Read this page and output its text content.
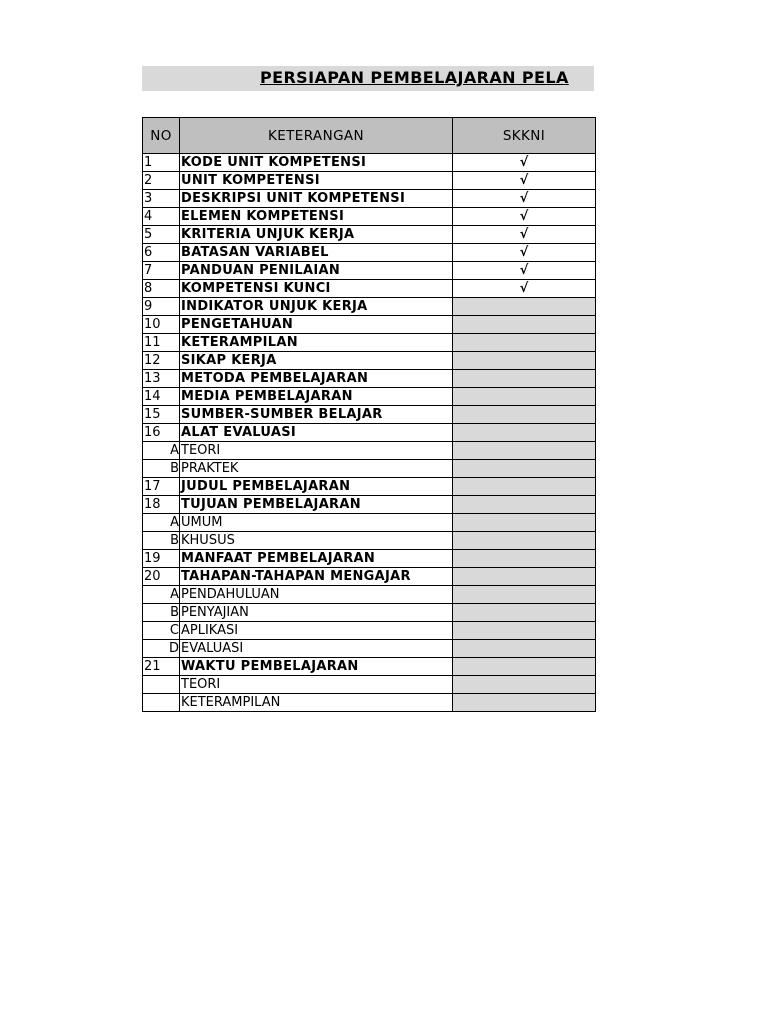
PERSIAPAN PEMBELAJARAN PELA
NO	KETERANGAN	SKKNI
1	KODE UNIT KOMPETENSI	√
2	UNIT KOMPETENSI	√
3	DESKRIPSI UNIT KOMPETENSI	√
4	ELEMEN KOMPETENSI	√
5	KRITERIA UNJUK KERJA	√
6	BATASAN VARIABEL	√
7	PANDUAN PENILAIAN	√
8	KOMPETENSI KUNCI	√
9	INDIKATOR UNJUK KERJA	
10	PENGETAHUAN	
11	KETERAMPILAN	
12	SIKAP KERJA	
13	METODA PEMBELAJARAN	
14	MEDIA PEMBELAJARAN	
15	SUMBER-SUMBER BELAJAR	
16	ALAT EVALUASI	
A	TEORI	
B	PRAKTEK	
17	JUDUL PEMBELAJARAN	
18	TUJUAN PEMBELAJARAN	
A	UMUM	
B	KHUSUS	
19	MANFAAT PEMBELAJARAN	
20	TAHAPAN-TAHAPAN MENGAJAR	
A	PENDAHULUAN	
B	PENYAJIAN	
C	APLIKASI	
D	EVALUASI	
21	WAKTU PEMBELAJARAN	
	TEORI	
	KETERAMPILAN	
